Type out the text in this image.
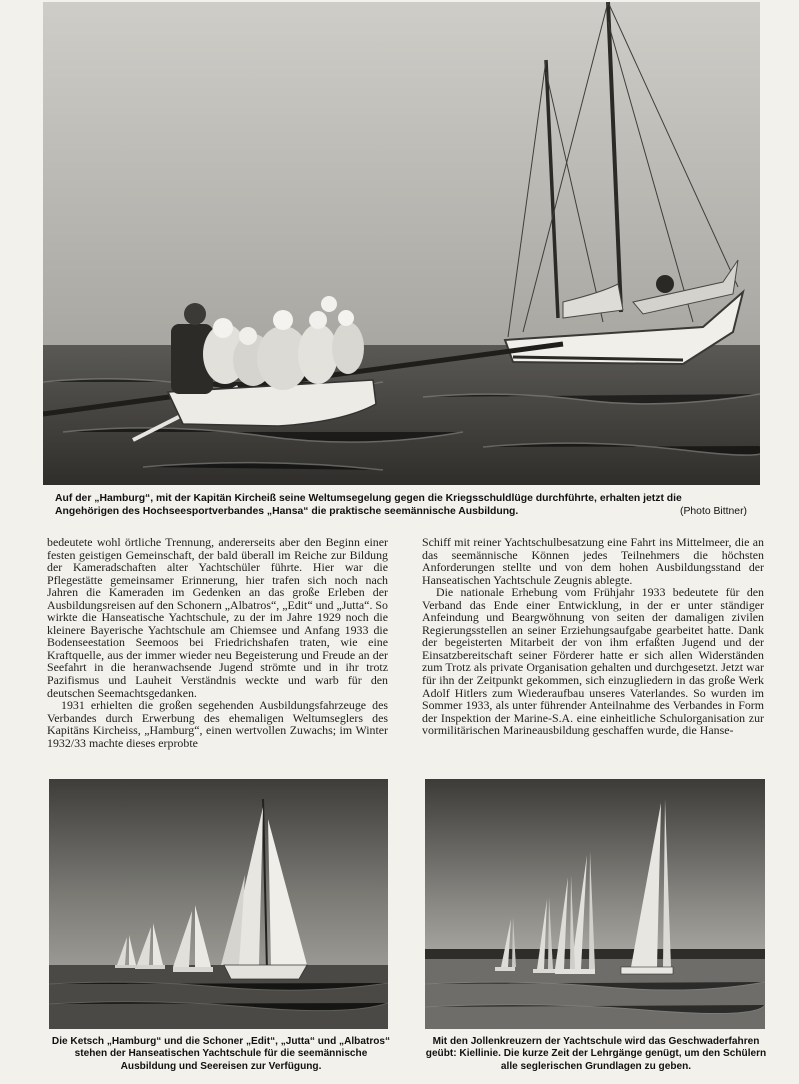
Auf der „Hamburg“, mit der Kapitän Kircheiß seine Weltumsegelung gegen die Kriegsschuldlüge durchführte, erhalten jetzt die
Angehörigen des Hochseesportverbandes „Hansa“ die praktische seemännische Ausbildung.	(Photo Bittner)

bedeutete wohl örtliche Trennung, andererseits aber den Beginn einer festen geistigen Gemeinschaft, der bald überall im Reiche zur Bildung der Kameradschaften alter Yachtschüler führte. Hier war die Pflegestätte gemeinsamer Erinnerung, hier trafen sich noch nach Jahren die Kameraden im Gedenken an das große Erleben der Ausbildungsreisen auf den Schonern „Albatros“, „Edit“ und „Jutta“. So wirkte die Hanseatische Yachtschule, zu der im Jahre 1929 noch die kleinere Bayerische Yachtschule am Chiemsee und Anfang 1933 die Bodenseestation Seemoos bei Friedrichshafen traten, wie eine Kraftquelle, aus der immer wieder neu Begeisterung und Freude an der Seefahrt in die heranwachsende Jugend strömte und in ihr trotz Pazifismus und Lauheit Verständnis weckte und warb für den deutschen Seemachtsgedanken.

1931 erhielten die großen segehenden Ausbildungsfahrzeuge des Verbandes durch Erwerbung des ehemaligen Weltumseglers des Kapitäns Kircheiss, „Hamburg“, einen wertvollen Zuwachs; im Winter 1932/33 machte dieses erprobte

Schiff mit reiner Yachtschulbesatzung eine Fahrt ins Mittelmeer, die an das seemännische Können jedes Teilnehmers die höchsten Anforderungen stellte und von dem hohen Ausbildungsstand der Hanseatischen Yachtschule Zeugnis ablegte.

Die nationale Erhebung vom Frühjahr 1933 bedeutete für den Verband das Ende einer Entwicklung, in der er unter ständiger Anfeindung und Beargwöhnung von seiten der damaligen zivilen Regierungsstellen an seiner Erziehungsaufgabe gearbeitet hatte. Dank der begeisterten Mitarbeit der von ihm erfaßten Jugend und der Einsatzbereitschaft seiner Förderer hatte er sich allen Widerständen zum Trotz als private Organisation gehalten und durchgesetzt. Jetzt war für ihn der Zeitpunkt gekommen, sich einzugliedern in das große Werk Adolf Hitlers zum Wiederaufbau unseres Vaterlandes. So wurden im Sommer 1933, als unter führender Anteilnahme des Verbandes in Form der Inspektion der Marine-S.A. eine einheitliche Schulorganisation zur vormilitärischen Marineausbildung geschaffen wurde, die Hanse-

Die Ketsch „Hamburg“ und die Schoner „Edit“, „Jutta“ und „Albatros“ stehen der Hanseatischen Yachtschule für die seemännische Ausbildung und Seereisen zur Verfügung.
Mit den Jollenkreuzern der Yachtschule wird das Geschwaderfahren geübt: Kiellinie. Die kurze Zeit der Lehrgänge genügt, um den Schülern alle seglerischen Grundlagen zu geben.
